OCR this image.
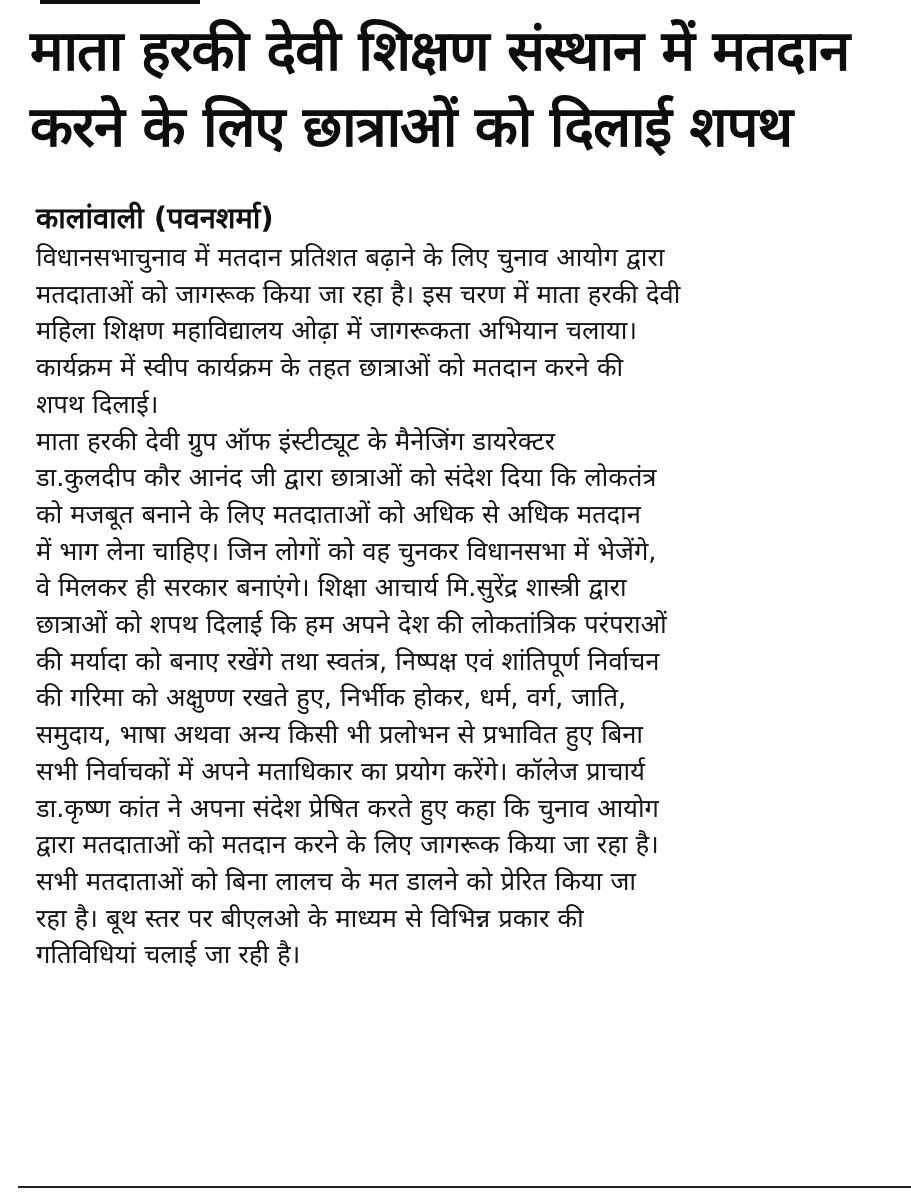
माता हरकी देवी शिक्षण संस्थान में मतदान
करने के लिए छात्राओं को दिलाई शपथ

कालांवाली (पवनशर्मा)

विधानसभाचुनाव में मतदान प्रतिशत बढ़ाने के लिए चुनाव आयोग द्वारा
मतदाताओं को जागरूक किया जा रहा है। इस चरण में माता हरकी देवी
महिला शिक्षण महाविद्यालय ओढ़ा में जागरूकता अभियान चलाया।
कार्यक्रम में स्वीप कार्यक्रम के तहत छात्राओं को मतदान करने की
शपथ दिलाई।
माता हरकी देवी ग्रुप ऑफ इंस्टीट्यूट के मैनेजिंग डायरेक्टर
डा.कुलदीप कौर आनंद जी द्वारा छात्राओं को संदेश दिया कि लोकतंत्र
को मजबूत बनाने के लिए मतदाताओं को अधिक से अधिक मतदान
में भाग लेना चाहिए। जिन लोगों को वह चुनकर विधानसभा में भेजेंगे,
वे मिलकर ही सरकार बनाएंगे। शिक्षा आचार्य मि.सुरेंद्र शास्त्री द्वारा
छात्राओं को शपथ दिलाई कि हम अपने देश की लोकतांत्रिक परंपराओं
की मर्यादा को बनाए रखेंगे तथा स्वतंत्र, निष्पक्ष एवं शांतिपूर्ण निर्वाचन
की गरिमा को अक्षुण्ण रखते हुए, निर्भीक होकर, धर्म, वर्ग, जाति,
समुदाय, भाषा अथवा अन्य किसी भी प्रलोभन से प्रभावित हुए बिना
सभी निर्वाचकों में अपने मताधिकार का प्रयोग करेंगे। कॉलेज प्राचार्य
डा.कृष्ण कांत ने अपना संदेश प्रेषित करते हुए कहा कि चुनाव आयोग
द्वारा मतदाताओं को मतदान करने के लिए जागरूक किया जा रहा है।
सभी मतदाताओं को बिना लालच के मत डालने को प्रेरित किया जा
रहा है। बूथ स्तर पर बीएलओ के माध्यम से विभिन्न प्रकार की
गतिविधियां चलाई जा रही है।
